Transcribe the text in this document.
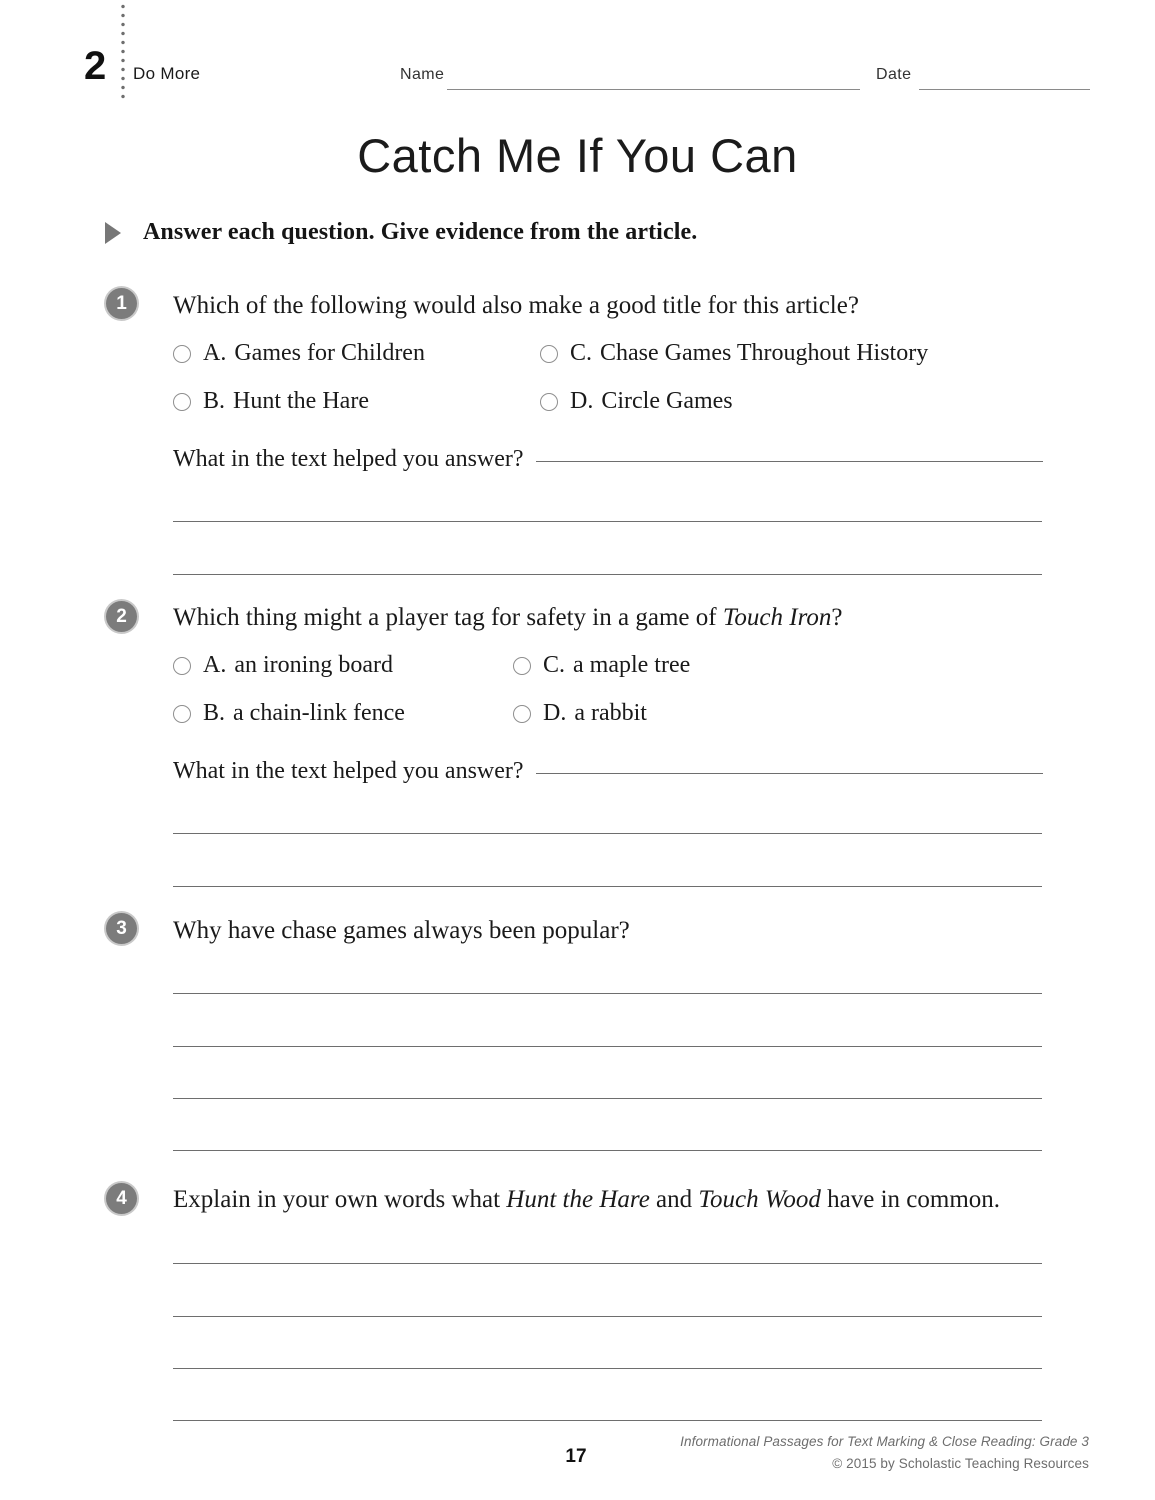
2 Do More	Name	Date
Catch Me If You Can
Answer each question. Give evidence from the article.
1	Which of the following would also make a good title for this article?
A. Games for Children
B. Hunt the Hare
C. Chase Games Throughout History
D. Circle Games
What in the text helped you answer?
2	Which thing might a player tag for safety in a game of Touch Iron?
A. an ironing board
B. a chain-link fence
C. a maple tree
D. a rabbit
What in the text helped you answer?
3	Why have chase games always been popular?
4	Explain in your own words what Hunt the Hare and Touch Wood have in common.
17
Informational Passages for Text Marking & Close Reading: Grade 3
© 2015 by Scholastic Teaching Resources
